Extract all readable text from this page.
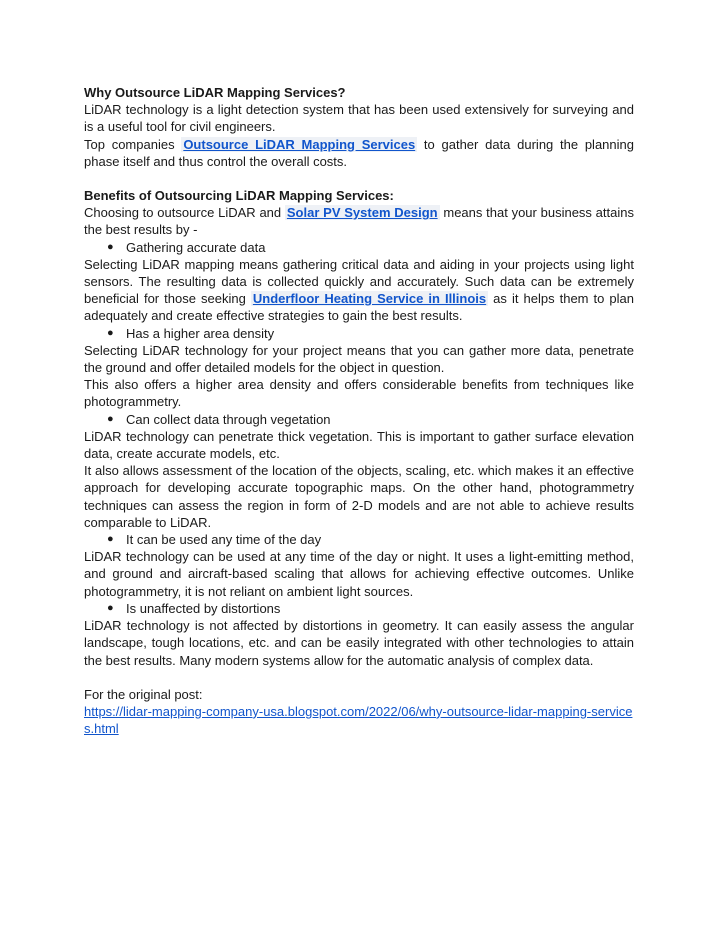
Why Outsource LiDAR Mapping Services?

LiDAR technology is a light detection system that has been used extensively for surveying and is a useful tool for civil engineers.

Top companies Outsource LiDAR Mapping Services to gather data during the planning phase itself and thus control the overall costs.

Benefits of Outsourcing LiDAR Mapping Services:

Choosing to outsource LiDAR and Solar PV System Design means that your business attains the best results by -

● Gathering accurate data

Selecting LiDAR mapping means gathering critical data and aiding in your projects using light sensors. The resulting data is collected quickly and accurately. Such data can be extremely beneficial for those seeking Underfloor Heating Service in Illinois as it helps them to plan adequately and create effective strategies to gain the best results.

● Has a higher area density

Selecting LiDAR technology for your project means that you can gather more data, penetrate the ground and offer detailed models for the object in question.

This also offers a higher area density and offers considerable benefits from techniques like photogrammetry.

● Can collect data through vegetation

LiDAR technology can penetrate thick vegetation. This is important to gather surface elevation data, create accurate models, etc.

It also allows assessment of the location of the objects, scaling, etc. which makes it an effective approach for developing accurate topographic maps. On the other hand, photogrammetry techniques can assess the region in form of 2-D models and are not able to achieve results comparable to LiDAR.

● It can be used any time of the day

LiDAR technology can be used at any time of the day or night. It uses a light-emitting method, and ground and aircraft-based scaling that allows for achieving effective outcomes. Unlike photogrammetry, it is not reliant on ambient light sources.

● Is unaffected by distortions

LiDAR technology is not affected by distortions in geometry. It can easily assess the angular landscape, tough locations, etc. and can be easily integrated with other technologies to attain the best results. Many modern systems allow for the automatic analysis of complex data.

For the original post:

https://lidar-mapping-company-usa.blogspot.com/2022/06/why-outsource-lidar-mapping-services.html
